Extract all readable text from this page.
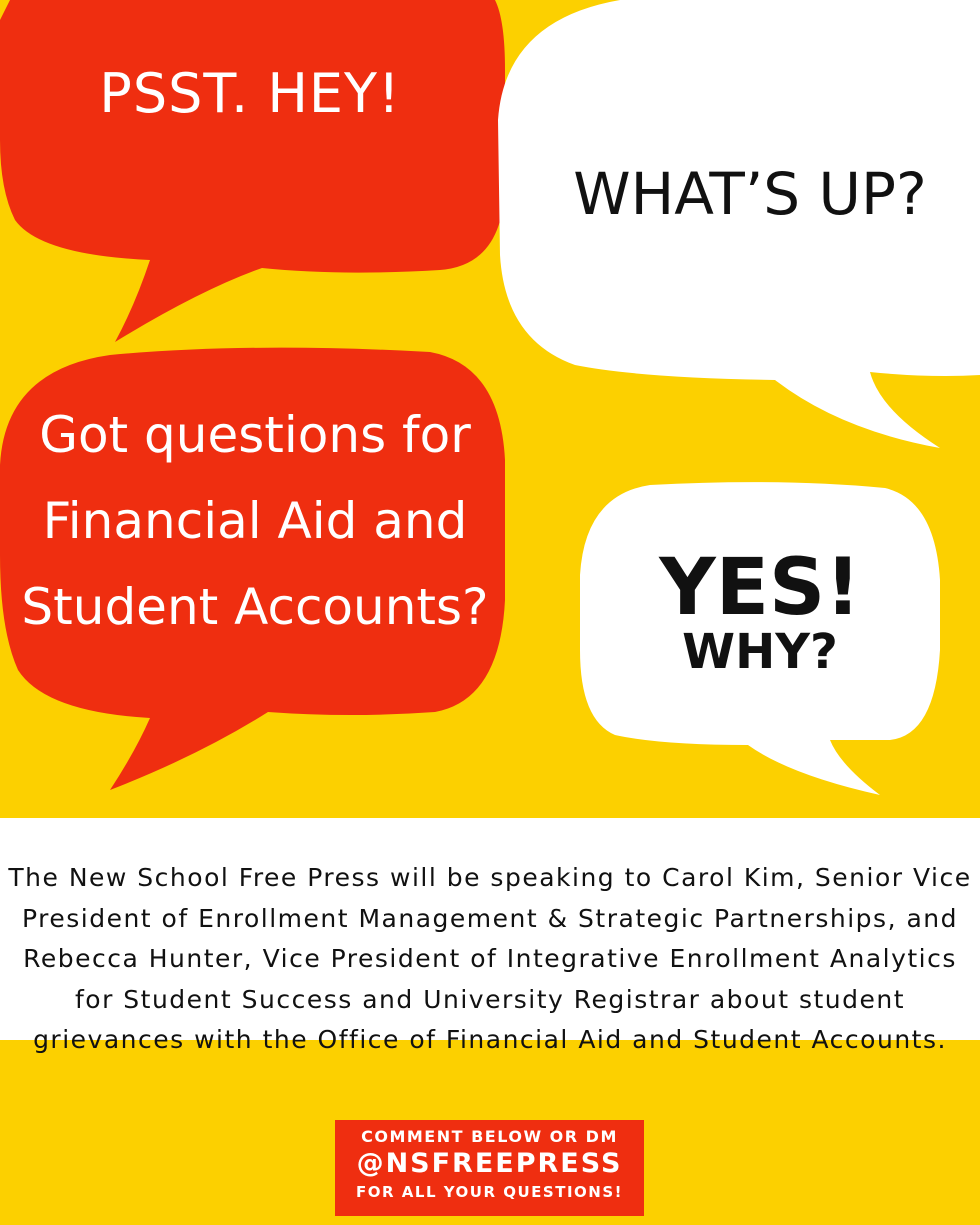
PSST. HEY!
WHAT’S UP?
Got questions for Financial Aid and Student Accounts?	YES!
WHY?
The New School Free Press will be speaking to Carol Kim, Senior Vice President of Enrollment Management & Strategic Partnerships, and Rebecca Hunter, Vice President of Integrative Enrollment Analytics for Student Success and University Registrar about student grievances with the Office of Financial Aid and Student Accounts.
COMMENT BELOW OR DM
@NSFREEPRESS
FOR ALL YOUR QUESTIONS!
